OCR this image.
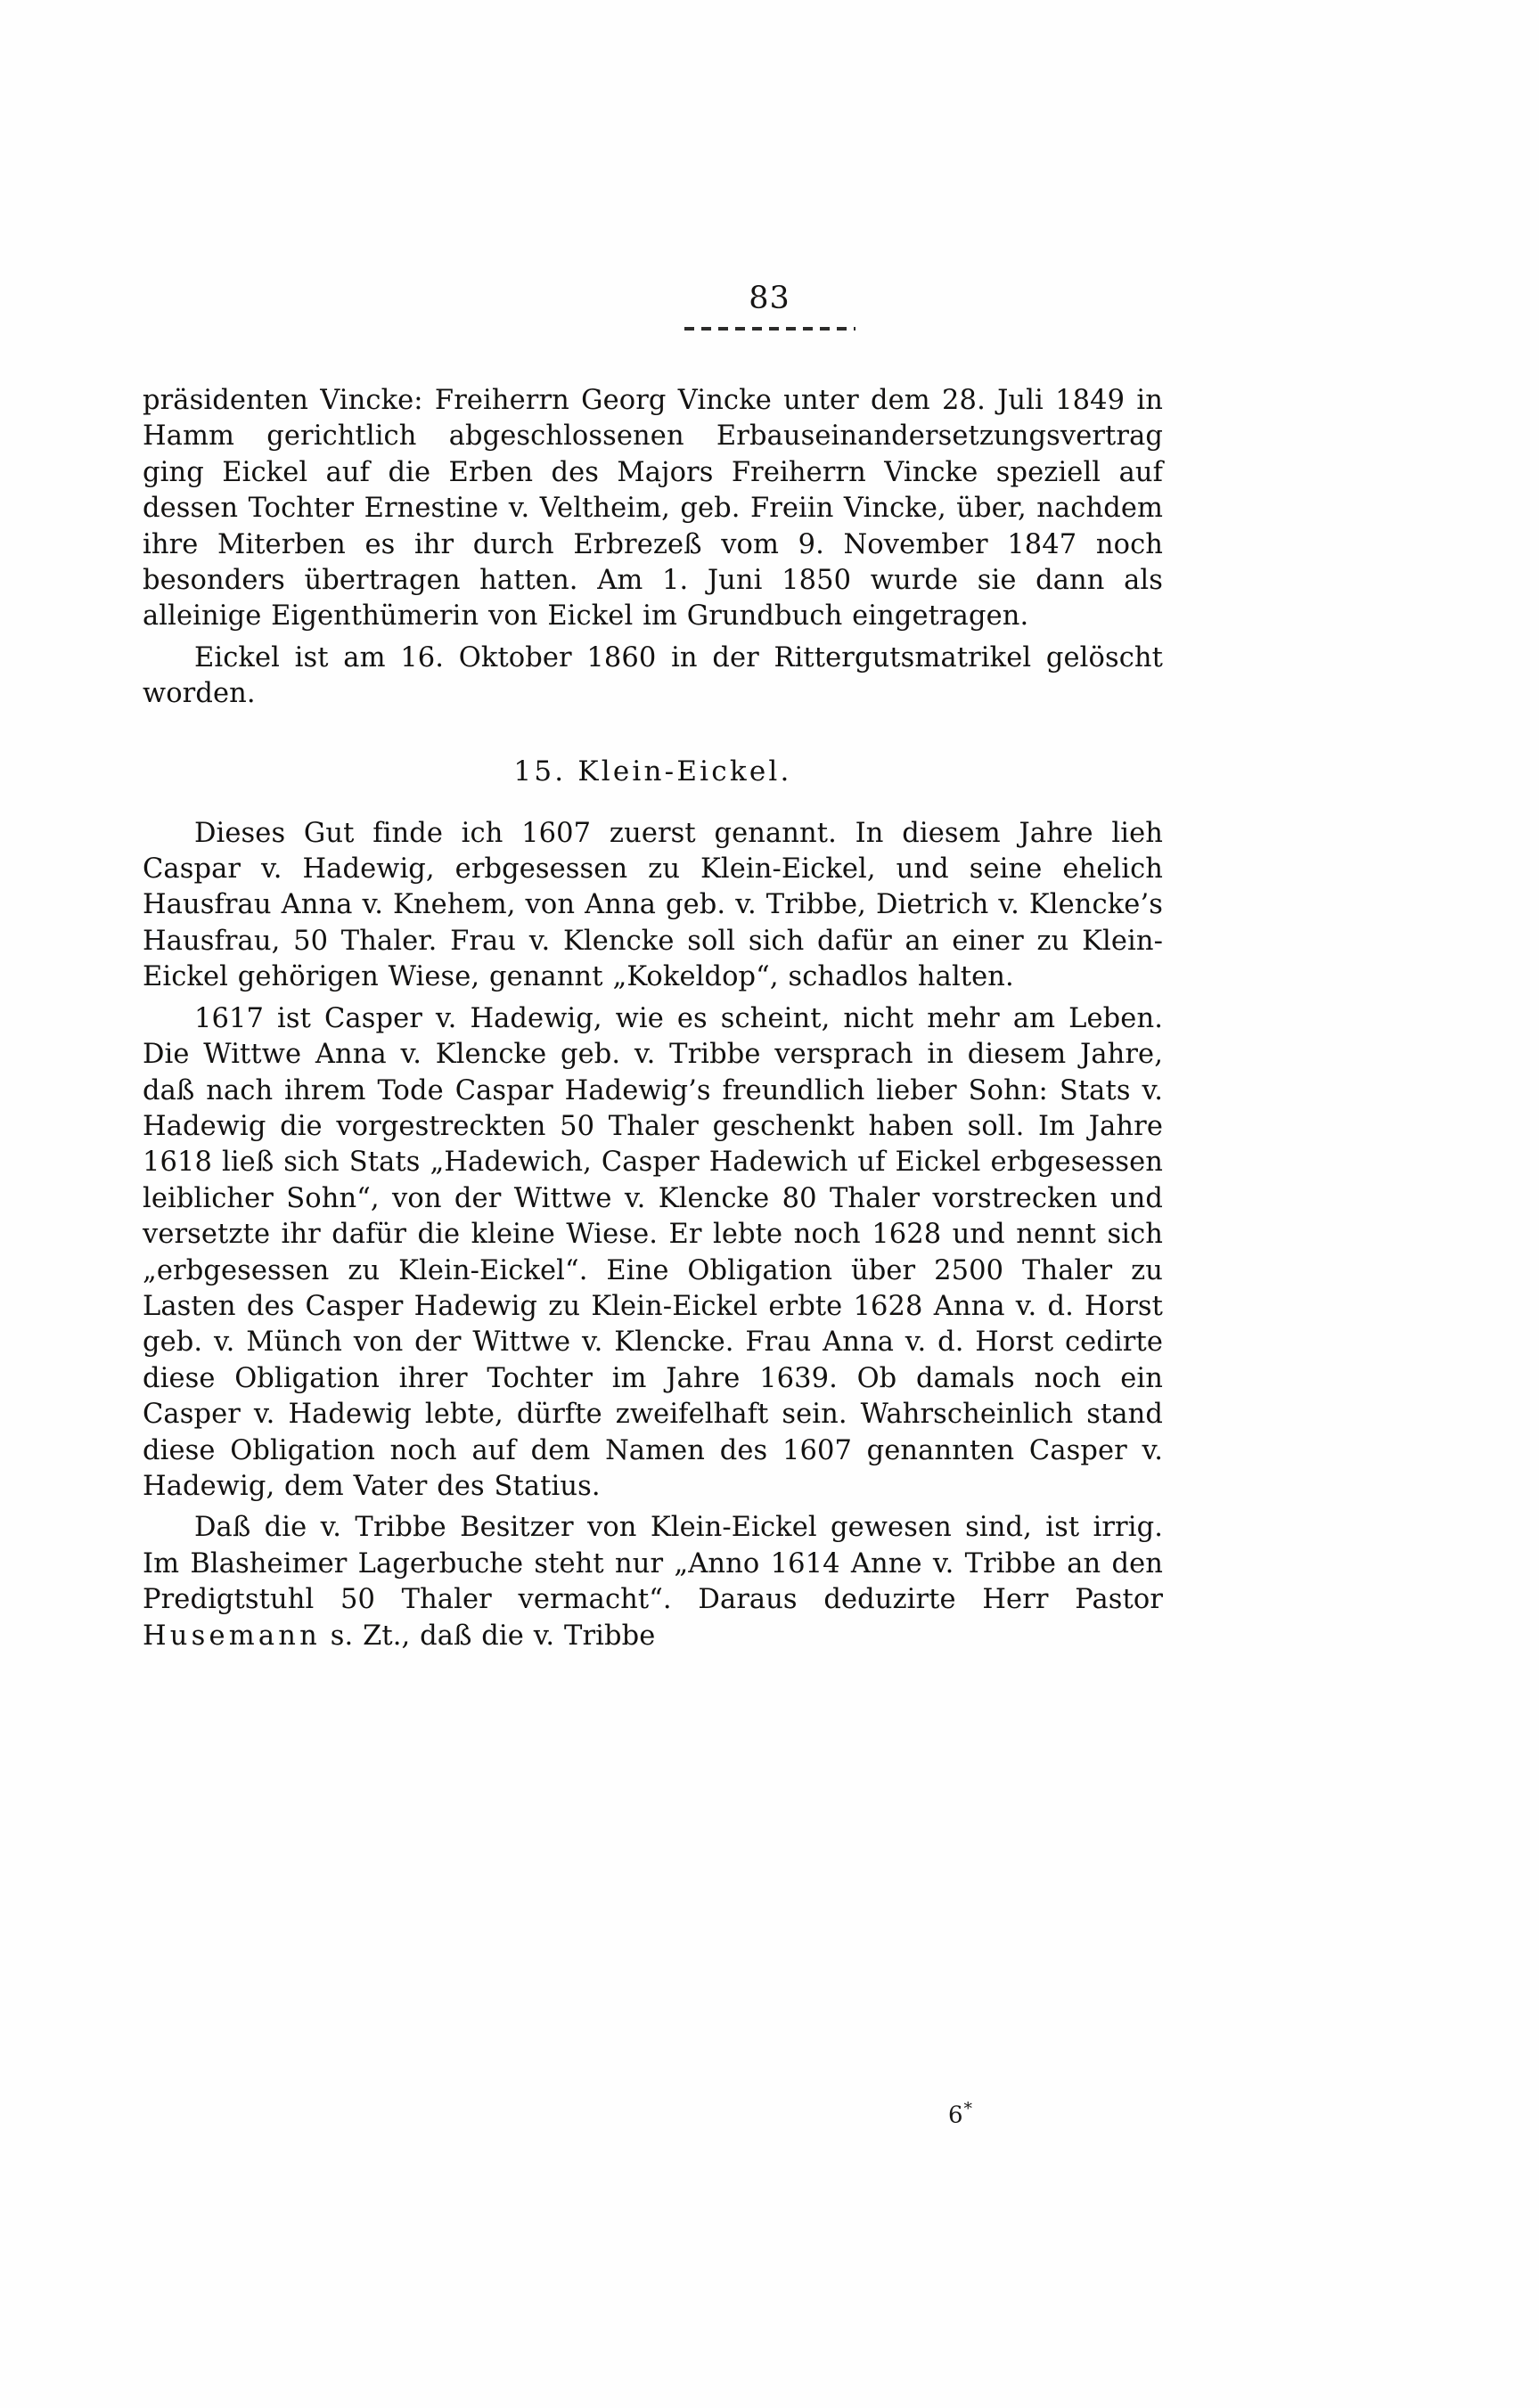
83

präsidenten Vincke: Freiherrn Georg Vincke unter dem 28. Juli 1849 in Hamm gerichtlich abgeschlossenen Erbauseinandersetzungsvertrag ging Eickel auf die Erben des Majors Freiherrn Vincke speziell auf dessen Tochter Ernestine v. Veltheim, geb. Freiin Vincke, über, nachdem ihre Miterben es ihr durch Erbrezeß vom 9. November 1847 noch besonders übertragen hatten. Am 1. Juni 1850 wurde sie dann als alleinige Eigenthümerin von Eickel im Grundbuch eingetragen.

Eickel ist am 16. Oktober 1860 in der Rittergutsmatrikel gelöscht worden.

15. Klein-Eickel.

Dieses Gut finde ich 1607 zuerst genannt. In diesem Jahre lieh Caspar v. Hadewig, erbgesessen zu Klein-Eickel, und seine ehelich Hausfrau Anna v. Knehem, von Anna geb. v. Tribbe, Dietrich v. Klencke’s Hausfrau, 50 Thaler. Frau v. Klencke soll sich dafür an einer zu Klein-Eickel gehörigen Wiese, genannt „Kokeldop“, schadlos halten.

1617 ist Casper v. Hadewig, wie es scheint, nicht mehr am Leben. Die Wittwe Anna v. Klencke geb. v. Tribbe versprach in diesem Jahre, daß nach ihrem Tode Caspar Hadewig’s freundlich lieber Sohn: Stats v. Hadewig die vorgestreckten 50 Thaler geschenkt haben soll. Im Jahre 1618 ließ sich Stats „Hadewich, Casper Hadewich uf Eickel erbgesessen leiblicher Sohn“, von der Wittwe v. Klencke 80 Thaler vorstrecken und versetzte ihr dafür die kleine Wiese. Er lebte noch 1628 und nennt sich „erbgesessen zu Klein-Eickel“. Eine Obligation über 2500 Thaler zu Lasten des Casper Hadewig zu Klein-Eickel erbte 1628 Anna v. d. Horst geb. v. Münch von der Wittwe v. Klencke. Frau Anna v. d. Horst cedirte diese Obligation ihrer Tochter im Jahre 1639. Ob damals noch ein Casper v. Hadewig lebte, dürfte zweifelhaft sein. Wahrscheinlich stand diese Obligation noch auf dem Namen des 1607 genannten Casper v. Hadewig, dem Vater des Statius.

Daß die v. Tribbe Besitzer von Klein-Eickel gewesen sind, ist irrig. Im Blasheimer Lagerbuche steht nur „Anno 1614 Anne v. Tribbe an den Predigtstuhl 50 Thaler vermacht“. Daraus deduzirte Herr Pastor Husemann s. Zt., daß die v. Tribbe

6*
